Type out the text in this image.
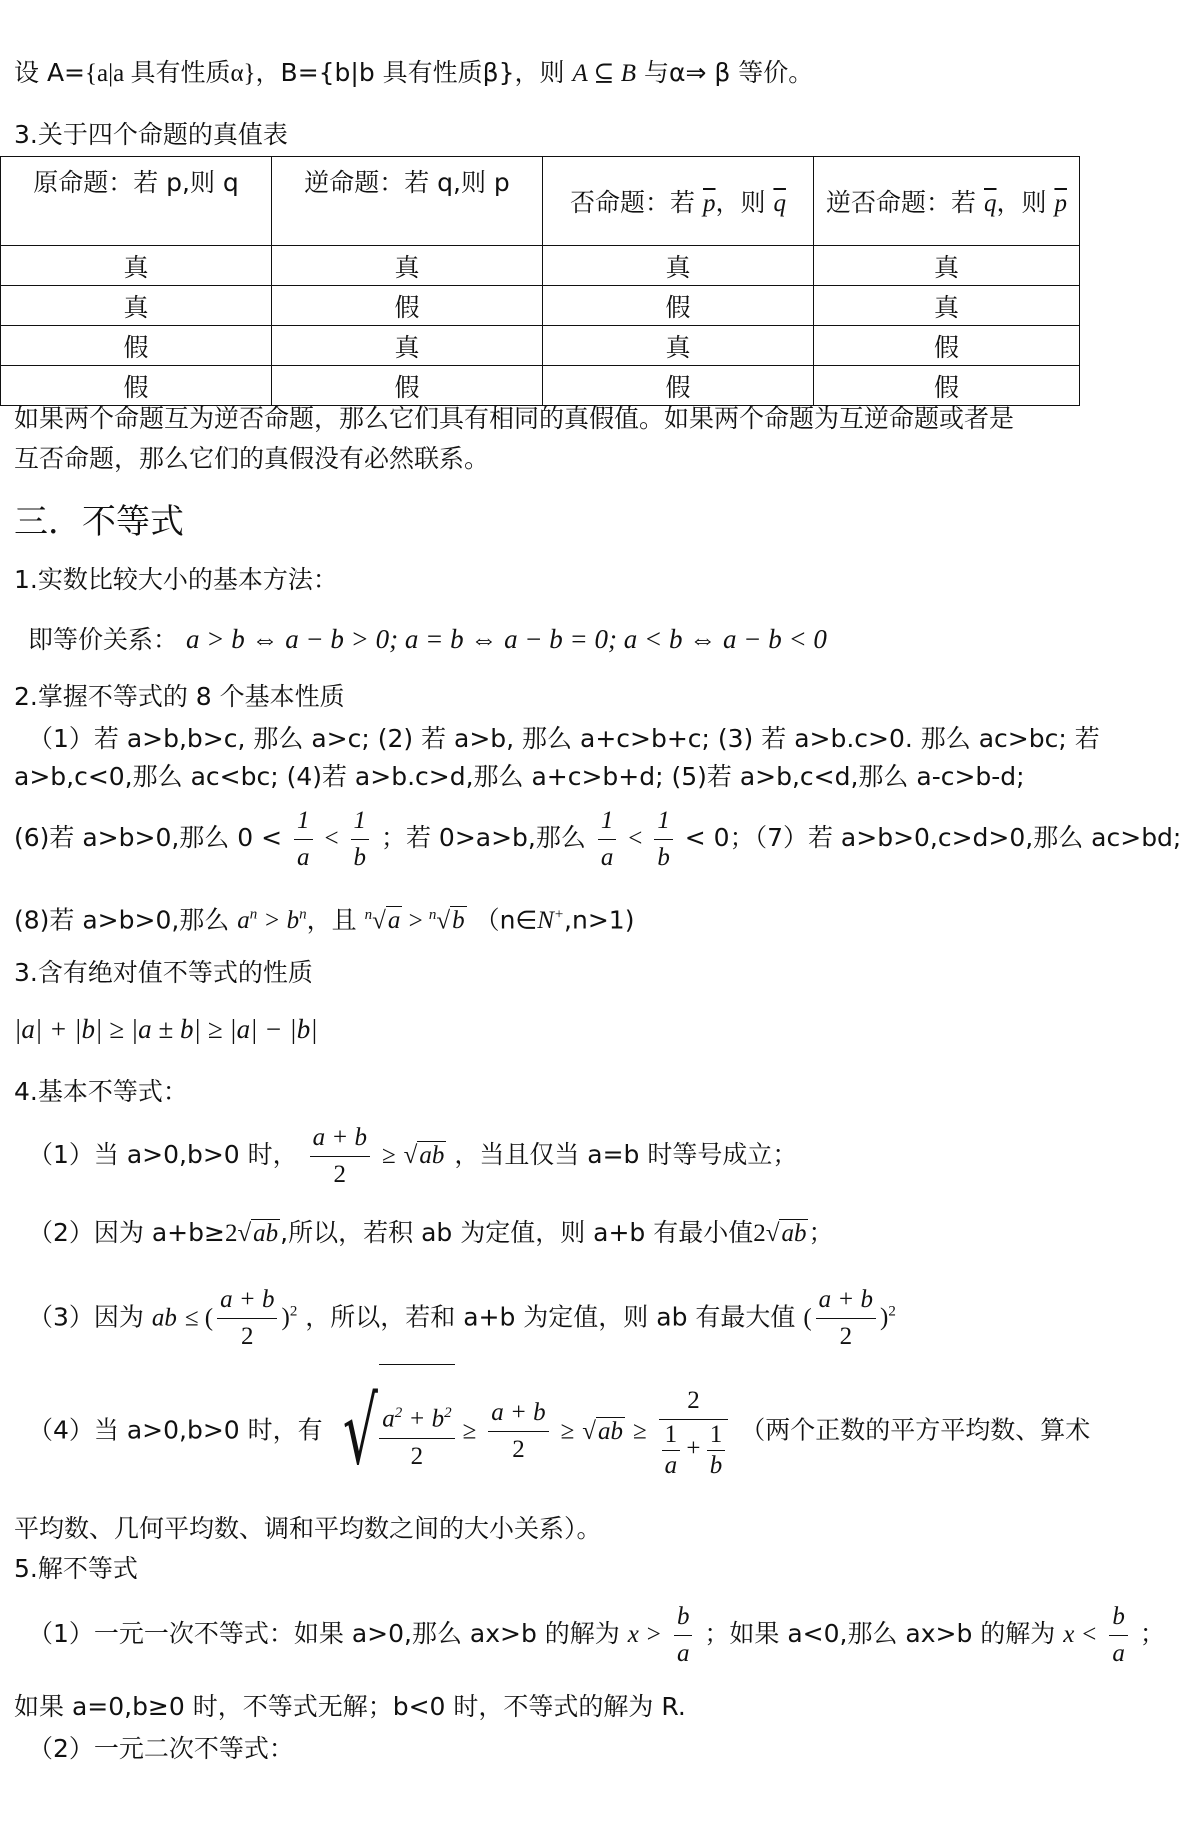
设 A={a|a 具有性质α}，B={b|b 具有性质β}，则 A ⊆ B 与α⇒ β 等价。
3.关于四个命题的真值表
原命题：若 p,则 q	逆命题：若 q,则 p	否命题：若 $\overline{p}$，则 $\overline{q}$	逆否命题：若 $\overline{q}$，则 $\overline{p}$
真	真	真	真
真	假	假	真
假	真	真	假
假	假	假	假
如果两个命题互为逆否命题，那么它们具有相同的真假值。如果两个命题为互逆命题或者是
互否命题，那么它们的真假没有必然联系。
三．不等式
1.实数比较大小的基本方法：
即等价关系： a > b ⇔ a − b > 0; a = b ⇔ a − b = 0; a < b ⇔ a − b < 0
2.掌握不等式的 8 个基本性质
（1）若 a>b,b>c, 那么 a>c; (2) 若 a>b, 那么 a+c>b+c; (3) 若 a>b.c>0. 那么 ac>bc; 若
a>b,c<0,那么 ac<bc; (4)若 a>b.c>d,那么 a+c>b+d; (5)若 a>b,c<d,那么 a-c>b-d;
(6)若 a>b>0,那么 $0 < \frac{1}{a} < \frac{1}{b}$ ；若 0>a>b,那么 $\frac{1}{a} < \frac{1}{b} < 0$；（7）若 a>b>0,c>d>0,那么 ac>bd;
(8)若 a>b>0,那么 $a^n > b^n$，且 $^n$√a > $^n$√b （n∈N+,n>1)
3.含有绝对值不等式的性质
|a| + |b| ≥ |a ± b| ≥ |a| − |b|
4.基本不等式：
（1）当 a>0,b>0 时， $\frac{a + b}{2} \ge √ab$ ，当且仅当 a=b 时等号成立；
（2）因为 a+b≥2√ab,所以，若积 ab 为定值，则 a+b 有最小值2√ab；
（3）因为 ab ≤ ( $\frac{a + b}{2} )^2$ ，所以，若和 a+b 为定值，则 ab 有最大值 ( $\frac{a + b}{2} )^2$
（4）当 a>0,b>0 时，有 √ $\frac{a^2 + b^2}{2} \ge \frac{a + b}{2} \ge √ab \ge \frac{2}{\frac{1}{a} + \frac{1}{b}}$ （两个正数的平方平均数、算术
平均数、几何平均数、调和平均数之间的大小关系）。
5.解不等式
（1）一元一次不等式：如果 a>0,那么 ax>b 的解为 $x > \frac{b}{a}$ ；如果 a<0,那么 ax>b 的解为 $x < \frac{b}{a}$ ；
如果 a=0,b≥0 时，不等式无解；b<0 时，不等式的解为 R.
（2）一元二次不等式：
